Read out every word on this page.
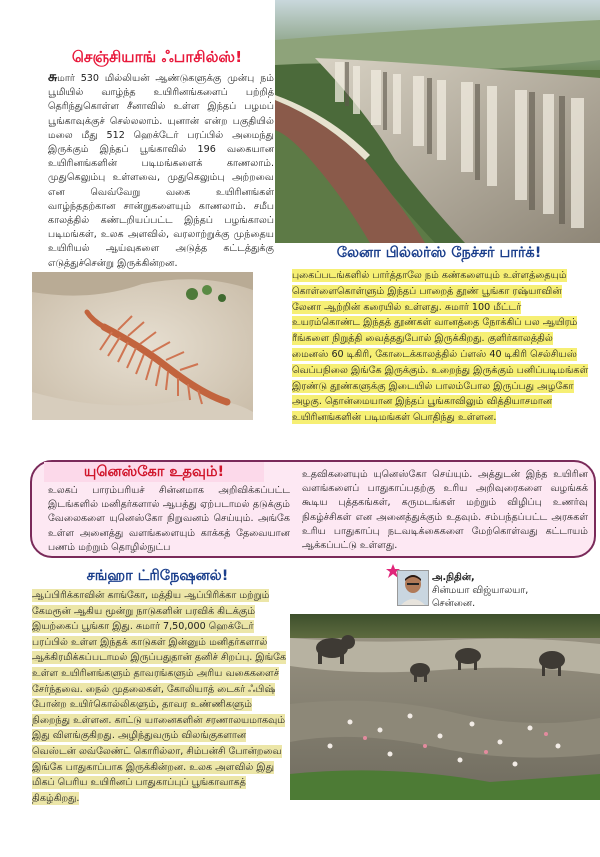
செஞ்சியாங் ஃபாசில்ஸ்!

சுமார் 530 மில்லியன் ஆண்டுகளுக்கு முன்பு நம் பூமியில் வாழ்ந்த உயிரினங்களைப் பற்றித் தெரிந்துகொள்ள சீனாவில் உள்ள இந்தப் பழமப் பூங்காவுக்குச் செல்லலாம். யுனான் என்ற பகுதியில் மலை மீது 512 ஹெக்டேர் பரப்பில் அமைந்து இருக்கும் இந்தப் பூங்காவில் 196 வகையான உயிரினங்களின் படிமங்களைக் காணலாம். முதுகெலும்பு உள்ளவை, முதுகெலும்பு அற்றவை என வெவ்வேறு வகை உயிரினங்கள் வாழ்ந்ததற்கான சான்றுகளையும் காணலாம். சமீப காலத்தில் கண்டறியப்பட்ட இந்தப் பழங்காலப் படிமங்கள், உலக அளவில், வரலாற்றுக்கு முந்தைய உயிரியல் ஆய்வுகளை அடுத்த கட்டத்துக்கு எடுத்துச்சென்று இருக்கின்றன.

லேனா பில்லர்ஸ் நேச்சர் பார்க்!

புகைப்படங்களில் பார்த்தாலே நம் கண்களையும் உள்ளத்தையும் கொள்ளைகொள்ளும் இந்தப் பாறைத் தூண் பூங்கா ரஷ்யாவின் லேனா ஆற்றின் கரையில் உள்ளது. சுமார் 100 மீட்டர் உயரம்கொண்ட இந்தத் தூண்கள் வானத்தை நோக்கிப் பல ஆயிரம் ரீங்களை நிறுத்தி வைத்ததுபோல் இருக்கிறது. குளிர்காலத்தில் மைனஸ் 60 டிகிரி, கோடைக்காலத்தில் ப்ளஸ் 40 டிகிரி செல்சியஸ் வெப்பநிலை இங்கே இருக்கும். உறைந்து இருக்கும் பனிப்படிமங்கள் இரண்டு தூண்களுக்கு இடையில் பாலம்போல இருப்பது அழகோ அழகு. தொன்மையான இந்தப் பூங்காவிலும் வித்தியாசமான உயிரினங்களின் படிமங்கள் பொதிந்து உள்ளன.

யுனெஸ்கோ உதவும்!

உலகப் பாரம்பரியச் சின்னமாக அறிவிக்கப்பட்ட இடங்களில் மனிதர்களால் ஆபத்து ஏற்படாமல் தடுக்கும் வேலைகளை யுனெஸ்கோ நிறுவனம் செய்யும். அங்கே உள்ள அனைத்து வளங்களையும் காக்கத் தேவையான பணம் மற்றும் தொழில்நுட்ப

உதவிகளையும் யுனெஸ்கோ செய்யும். அத்துடன் இந்த உயிரின வளங்களைப் பாதுகாப்பதற்கு உரிய அறிவுரைகளை வழங்கக் கூடிய புத்தகங்கள், கருமடங்கள் மற்றும் விழிப்பு உணர்வு நிகழ்ச்சிகள் என அனைத்துக்கும் உதவும். சம்பந்தப்பட்ட அரசுகள் உரிய பாதுகாப்பு நடவடிக்கைகளை மேற்கொள்வது கட்டாயம் ஆக்கப்பட்டு உள்ளது.

சங்ஹா ட்ரிநேஷனல்!

ஆப்பிரிக்காவின் காங்கோ, மத்திய ஆப்பிரிக்கா மற்றும் கேமரூன் ஆகிய மூன்று நாடுகளின் பரவிக் கிடக்கும் இயற்கைப் பூங்கா இது. சுமார் 7,50,000 ஹெக்டேர் பரப்பில் உள்ள இந்தக் காடுகள் இன்னும் மனிதர்களால் ஆக்கிரமிக்கப்படாமல் இருப்பதுதான் தனிச் சிறப்பு. இங்கே உள்ள உயிரினங்களும் தாவரங்களும் அரிய வகைகளைச் சேர்ந்தவை. நைல் முதலைகள், கோலியாத் டைகர் ஃபிஷ் போன்ற உயிர்கொல்லிகளும், தாவர உண்ணிகளும் நிறைந்து உள்ளன. காட்டு யானைகளின் சரணாலயமாகவும் இது விளங்குகிறது. அழிந்துவரும் விலங்குகளான வெஸ்டன் லவ்லேண்ட் கொரில்லா, சிம்பன்சி போன்றவை இங்கே பாதுகாப்பாக இருக்கின்றன. உலக அளவில் இது மிகப் பெரிய உயிரினப் பாதுகாப்புப் பூங்காவாகத் திகழ்கிறது.

அ.நிதின்,
சின்மயா விஜ்யாலயா,
சென்னை.
